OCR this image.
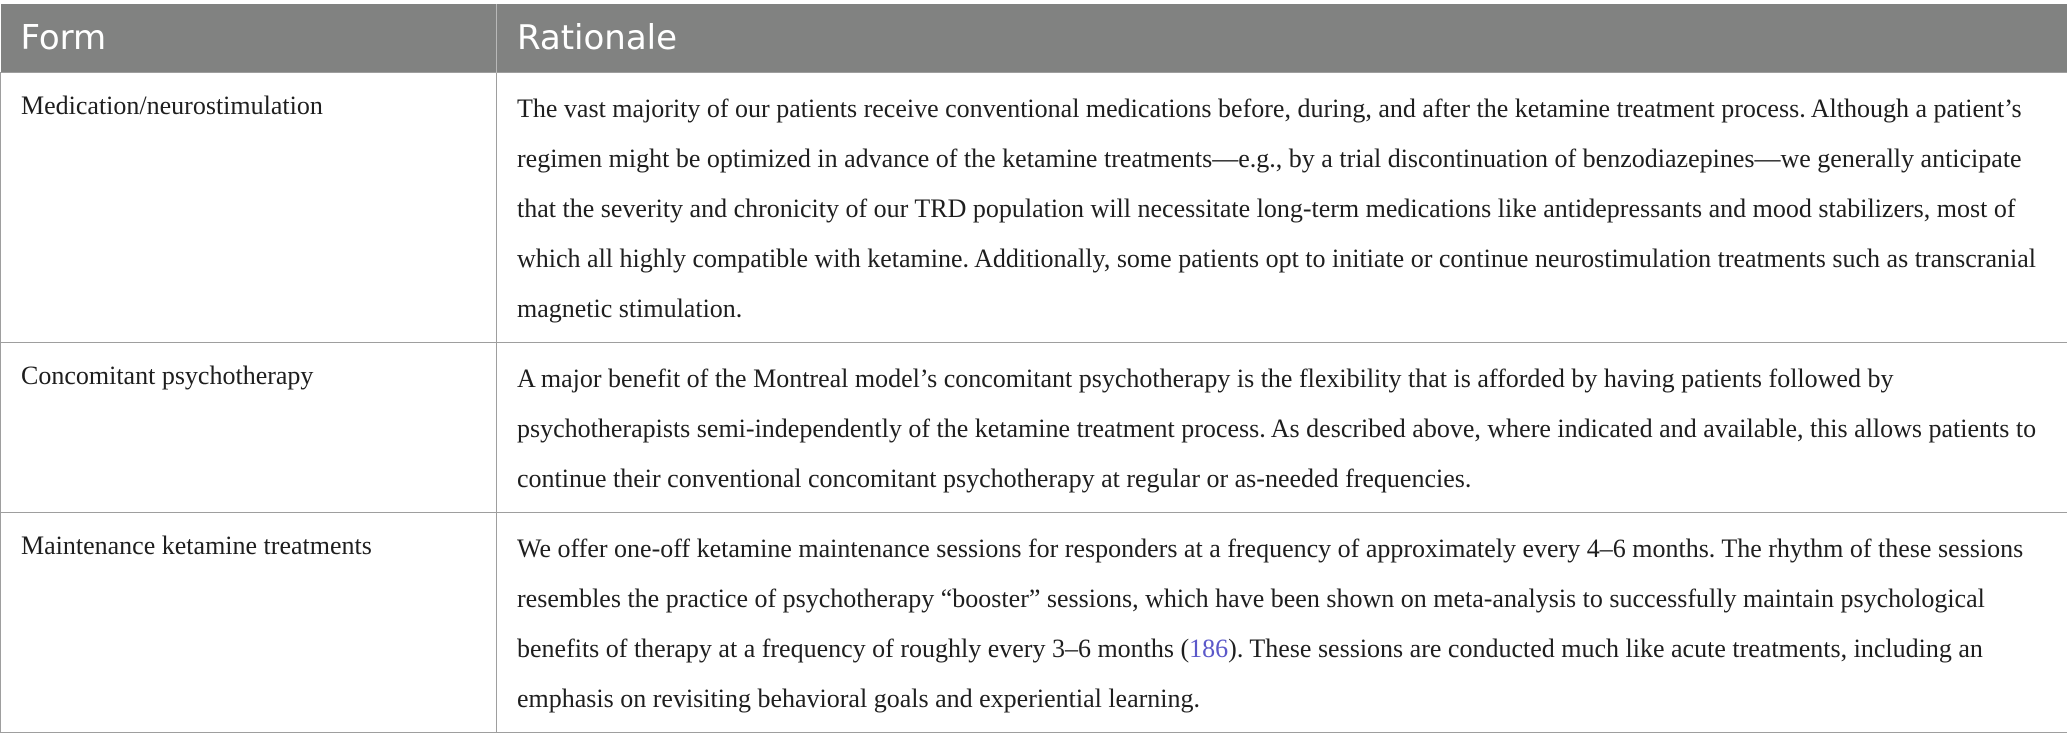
Form	Rationale
Medication/neurostimulation	The vast majority of our patients receive conventional medications before, during, and after the ketamine treatment process. Although a patient’s regimen might be optimized in advance of the ketamine treatments—e.g., by a trial discontinuation of benzodiazepines—we generally anticipate that the severity and chronicity of our TRD population will necessitate long-term medications like antidepressants and mood stabilizers, most of which all highly compatible with ketamine. Additionally, some patients opt to initiate or continue neurostimulation treatments such as transcranial magnetic stimulation.
Concomitant psychotherapy	A major benefit of the Montreal model’s concomitant psychotherapy is the flexibility that is afforded by having patients followed by psychotherapists semi-independently of the ketamine treatment process. As described above, where indicated and available, this allows patients to continue their conventional concomitant psychotherapy at regular or as-needed frequencies.
Maintenance ketamine treatments	We offer one-off ketamine maintenance sessions for responders at a frequency of approximately every 4–6 months. The rhythm of these sessions resembles the practice of psychotherapy “booster” sessions, which have been shown on meta-analysis to successfully maintain psychological benefits of therapy at a frequency of roughly every 3–6 months (186). These sessions are conducted much like acute treatments, including an emphasis on revisiting behavioral goals and experiential learning.
